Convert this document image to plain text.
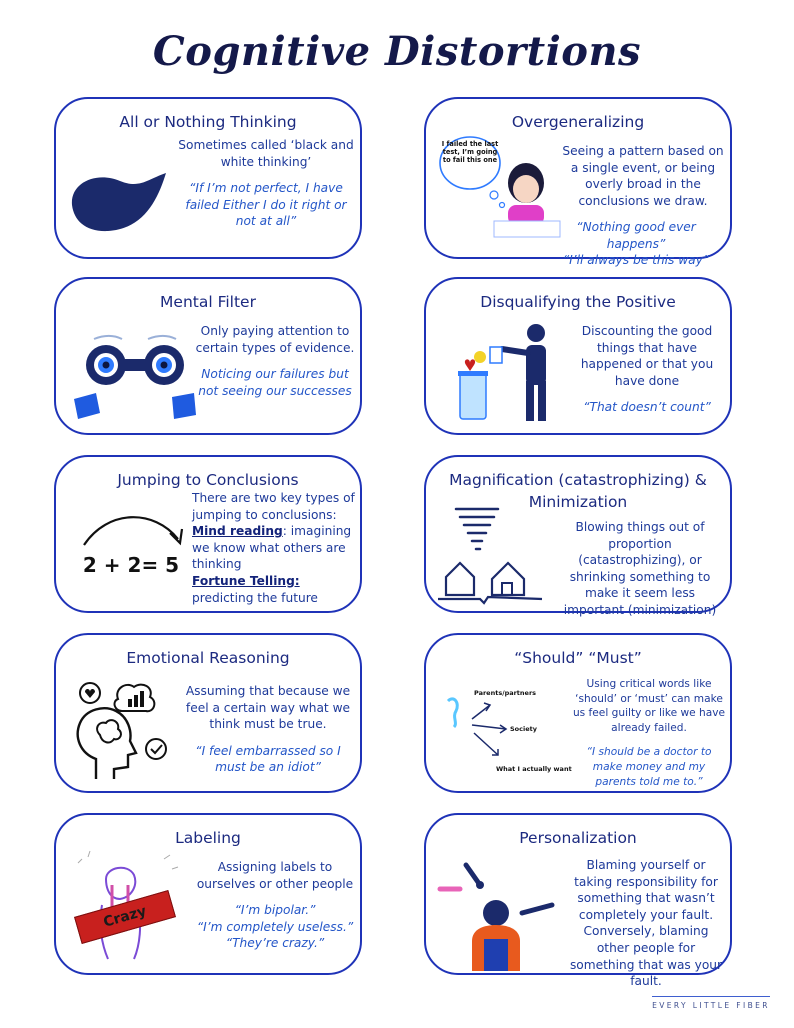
Cognitive Distortions
All or Nothing Thinking
Sometimes called ‘black and white thinking’
“If I’m not perfect, I have failed Either I do it right or not at all”
Overgeneralizing
I failed the last test, I’m going to fail this one
Seeing a pattern based on a single event, or being overly broad in the conclusions we draw.
“Nothing good ever happens”
“I’ll always be this way”
Mental Filter
Only paying attention to certain types of evidence.
Noticing our failures but not seeing our successes
Disqualifying the Positive
Discounting the good things that have happened or that you have done
“That doesn’t count”
Jumping to Conclusions
2 + 2= 5
There are two key types of jumping to conclusions:
Mind reading: imagining we know what others are thinking
Fortune Telling:
predicting the future
Magnification (catastrophizing) & Minimization
Blowing things out of proportion (catastrophizing), or shrinking something to make it seem less important (minimization)
Emotional Reasoning
Assuming that because we feel a certain way what we think must be true.
“I feel embarrassed so I must be an idiot”
“Should” “Must”
Parents/partners
Society
What I actually want
Using critical words like ‘should’ or ‘must’ can make us feel guilty or like we have already failed.
“I should be a doctor to make money and my parents told me to.”
Labeling
Crazy
Assigning labels to ourselves or other people
“I’m bipolar.”
“I’m completely useless.”
“They’re crazy.”
Personalization
Blaming yourself or taking responsibility for something that wasn’t completely your fault. Conversely, blaming other people for something that was your fault.
EVERY LITTLE FIBER
